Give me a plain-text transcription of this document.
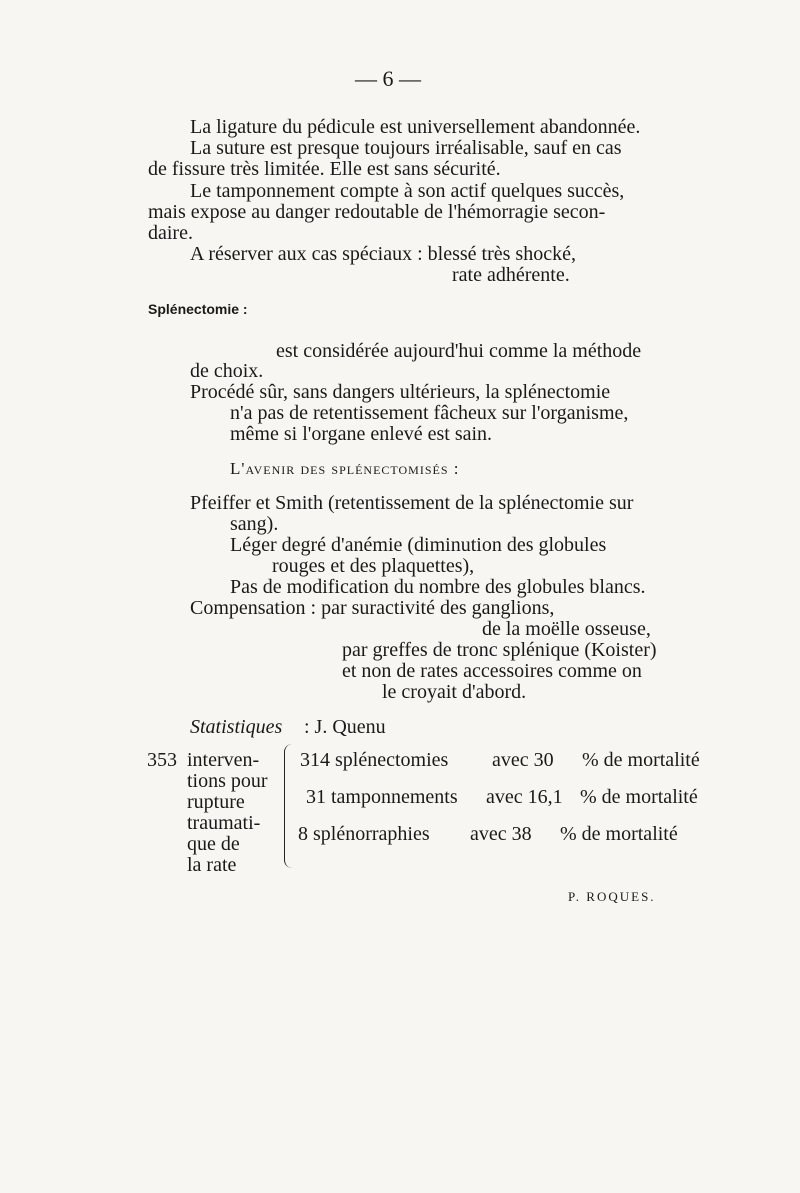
— 6 —
La ligature du pédicule est universellement abandonnée.
La suture est presque toujours irréalisable, sauf en cas
de fissure très limitée. Elle est sans sécurité.
Le tamponnement compte à son actif quelques succès,
mais expose au danger redoutable de l'hémorragie secon-
daire.
A réserver aux cas spéciaux : blessé très shocké,
rate adhérente.
Splénectomie :
est considérée aujourd'hui comme la méthode
de choix.
Procédé sûr, sans dangers ultérieurs, la splénectomie
n'a pas de retentissement fâcheux sur l'organisme,
même si l'organe enlevé est sain.
L'avenir des splénectomisés :
Pfeiffer et Smith (retentissement de la splénectomie sur
sang).
Léger degré d'anémie (diminution des globules
rouges et des plaquettes),
Pas de modification du nombre des globules blancs.
Compensation : par suractivité des ganglions,
de la moëlle osseuse,
par greffes de tronc splénique (Koister)
et non de rates accessoires comme on
le croyait d'abord.
Statistiques : J. Quenu
353 interven-
tions pour
rupture
traumati-
que de
la rate
314 splénectomies avec 30 % de mortalité
31 tamponnements avec 16,1 % de mortalité
8 splénorraphies avec 38 % de mortalité
P. ROQUES.
